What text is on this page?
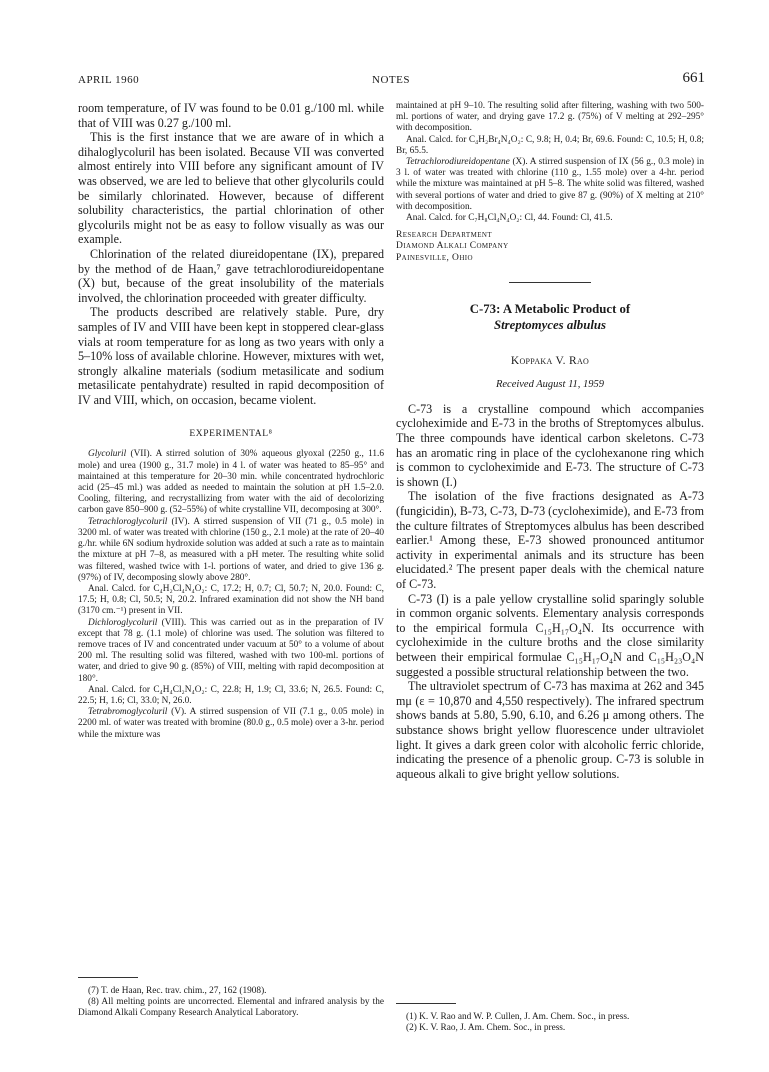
APRIL 1960	NOTES	661

room temperature, of IV was found to be 0.01 g./100 ml. while that of VIII was 0.27 g./100 ml.

This is the first instance that we are aware of in which a dihaloglycoluril has been isolated. Because VII was converted almost entirely into VIII before any significant amount of IV was observed, we are led to believe that other glycolurils could be similarly chlorinated. However, because of different solubility characteristics, the partial chlorination of other glycolurils might not be as easy to follow visually as was our example.

Chlorination of the related diureidopentane (IX), prepared by the method of de Haan,⁷ gave tetrachlorodiureidopentane (X) but, because of the great insolubility of the materials involved, the chlorination proceeded with greater difficulty.

The products described are relatively stable. Pure, dry samples of IV and VIII have been kept in stoppered clear-glass vials at room temperature for as long as two years with only a 5–10% loss of available chlorine. However, mixtures with wet, strongly alkaline materials (sodium metasilicate and sodium metasilicate pentahydrate) resulted in rapid decomposition of IV and VIII, which, on occasion, became violent.

EXPERIMENTAL⁸

Glycoluril (VII). A stirred solution of 30% aqueous glyoxal (2250 g., 11.6 mole) and urea (1900 g., 31.7 mole) in 4 l. of water was heated to 85–95° and maintained at this temperature for 20–30 min. while concentrated hydrochloric acid (25–45 ml.) was added as needed to maintain the solution at pH 1.5–2.0. Cooling, filtering, and recrystallizing from water with the aid of decolorizing carbon gave 850–900 g. (52–55%) of white crystalline VII, decomposing at 300°.

Tetrachloroglycoluril (IV). A stirred suspension of VII (71 g., 0.5 mole) in 3200 ml. of water was treated with chlorine (150 g., 2.1 mole) at the rate of 20–40 g./hr. while 6N sodium hydroxide solution was added at such a rate as to maintain the mixture at pH 7–8, as measured with a pH meter. The resulting white solid was filtered, washed twice with 1-l. portions of water, and dried to give 136 g. (97%) of IV, decomposing slowly above 280°.

Anal. Calcd. for C₄H₂Cl₄N₄O₂: C, 17.2; H, 0.7; Cl, 50.7; N, 20.0. Found: C, 17.5; H, 0.8; Cl, 50.5; N, 20.2. Infrared examination did not show the NH band (3170 cm.⁻¹) present in VII.

Dichloroglycoluril (VIII). This was carried out as in the preparation of IV except that 78 g. (1.1 mole) of chlorine was used. The solution was filtered to remove traces of IV and concentrated under vacuum at 50° to a volume of about 200 ml. The resulting solid was filtered, washed with two 100-ml. portions of water, and dried to give 90 g. (85%) of VIII, melting with rapid decomposition at 180°.

Anal. Calcd. for C₄H₄Cl₂N₄O₂: C, 22.8; H, 1.9; Cl, 33.6; N, 26.5. Found: C, 22.5; H, 1.6; Cl, 33.0; N, 26.0.

Tetrabromoglycoluril (V). A stirred suspension of VII (7.1 g., 0.05 mole) in 2200 ml. of water was treated with bromine (80.0 g., 0.5 mole) over a 3-hr. period while the mixture was

(7) T. de Haan, Rec. trav. chim., 27, 162 (1908).

(8) All melting points are uncorrected. Elemental and infrared analysis by the Diamond Alkali Company Research Analytical Laboratory.

maintained at pH 9–10. The resulting solid after filtering, washing with two 500-ml. portions of water, and drying gave 17.2 g. (75%) of V melting at 292–295° with decomposition.

Anal. Calcd. for C₄H₂Br₄N₄O₂: C, 9.8; H, 0.4; Br, 69.6. Found: C, 10.5; H, 0.8; Br, 65.5.

Tetrachlorodiureidopentane (X). A stirred suspension of IX (56 g., 0.3 mole) in 3 l. of water was treated with chlorine (110 g., 1.55 mole) over a 4-hr. period while the mixture was maintained at pH 5–8. The white solid was filtered, washed with several portions of water and dried to give 87 g. (90%) of X melting at 210° with decomposition.

Anal. Calcd. for C₇H₈Cl₄N₄O₂: Cl, 44. Found: Cl, 41.5.

Research Department
Diamond Alkali Company
Painesville, Ohio
C-73: A Metabolic Product of
Streptomyces albulus
Koppaka V. Rao
Received August 11, 1959

C-73 is a crystalline compound which accompanies cycloheximide and E-73 in the broths of Streptomyces albulus. The three compounds have identical carbon skeletons. C-73 has an aromatic ring in place of the cyclohexanone ring which is common to cycloheximide and E-73. The structure of C-73 is shown (I.)

The isolation of the five fractions designated as A-73 (fungicidin), B-73, C-73, D-73 (cycloheximide), and E-73 from the culture filtrates of Streptomyces albulus has been described earlier.¹ Among these, E-73 showed pronounced antitumor activity in experimental animals and its structure has been elucidated.² The present paper deals with the chemical nature of C-73.

C-73 (I) is a pale yellow crystalline solid sparingly soluble in common organic solvents. Elementary analysis corresponds to the empirical formula C₁₅H₁₇O₄N. Its occurrence with cycloheximide in the culture broths and the close similarity between their empirical formulae C₁₅H₁₇O₄N and C₁₅H₂₃O₄N suggested a possible structural relationship between the two.

The ultraviolet spectrum of C-73 has maxima at 262 and 345 mμ (ε = 10,870 and 4,550 respectively). The infrared spectrum shows bands at 5.80, 5.90, 6.10, and 6.26 μ among others. The substance shows bright yellow fluorescence under ultraviolet light. It gives a dark green color with alcoholic ferric chloride, indicating the presence of a phenolic group. C-73 is soluble in aqueous alkali to give bright yellow solutions.

(1) K. V. Rao and W. P. Cullen, J. Am. Chem. Soc., in press.

(2) K. V. Rao, J. Am. Chem. Soc., in press.
